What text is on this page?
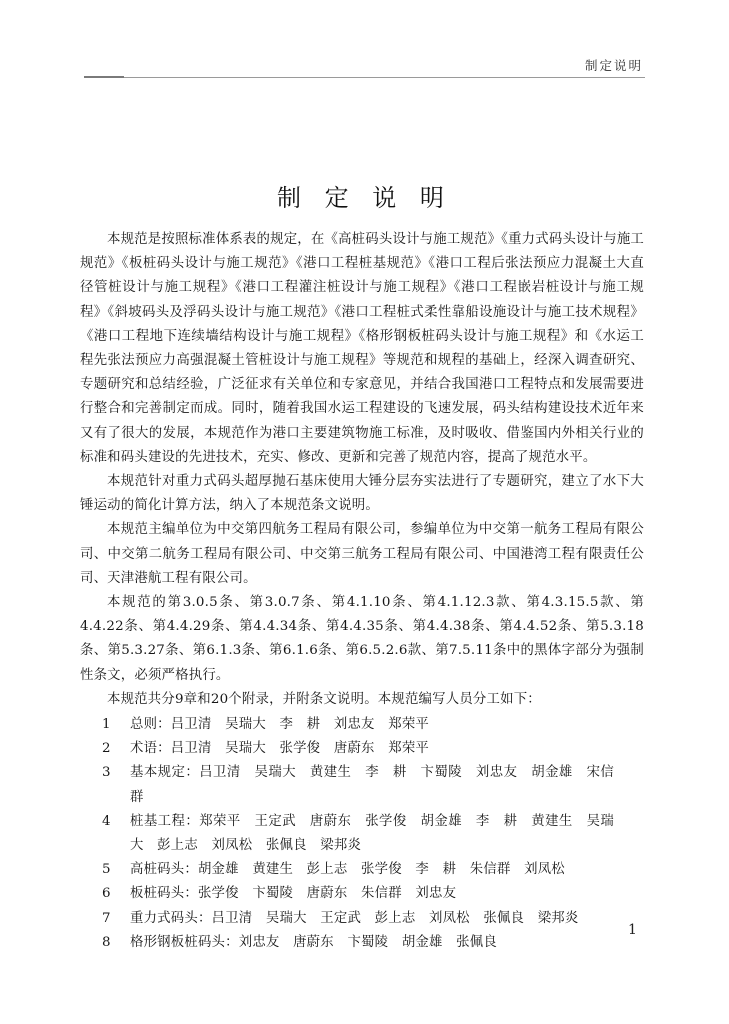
制定说明
制 定 说 明

本规范是按照标准体系表的规定，在《高桩码头设计与施工规范》《重力式码头设计与施工规范》《板桩码头设计与施工规范》《港口工程桩基规范》《港口工程后张法预应力混凝土大直径管桩设计与施工规程》《港口工程灌注桩设计与施工规程》《港口工程嵌岩桩设计与施工规程》《斜坡码头及浮码头设计与施工规范》《港口工程桩式柔性靠船设施设计与施工技术规程》《港口工程地下连续墙结构设计与施工规程》《格形钢板桩码头设计与施工规程》和《水运工程先张法预应力高强混凝土管桩设计与施工规程》等规范和规程的基础上，经深入调查研究、专题研究和总结经验，广泛征求有关单位和专家意见，并结合我国港口工程特点和发展需要进行整合和完善制定而成。同时，随着我国水运工程建设的飞速发展，码头结构建设技术近年来又有了很大的发展，本规范作为港口主要建筑物施工标准，及时吸收、借鉴国内外相关行业的标准和码头建设的先进技术，充实、修改、更新和完善了规范内容，提高了规范水平。

本规范针对重力式码头超厚抛石基床使用大锤分层夯实法进行了专题研究，建立了水下大锤运动的简化计算方法，纳入了本规范条文说明。

本规范主编单位为中交第四航务工程局有限公司，参编单位为中交第一航务工程局有限公司、中交第二航务工程局有限公司、中交第三航务工程局有限公司、中国港湾工程有限责任公司、天津港航工程有限公司。

本规范的第3.0.5条、第3.0.7条、第4.1.10条、第4.1.12.3款、第4.3.15.5款、第4.4.22条、第4.4.29条、第4.4.34条、第4.4.35条、第4.4.38条、第4.4.52条、第5.3.18条、第5.3.27条、第6.1.3条、第6.1.6条、第6.5.2.6款、第7.5.11条中的黑体字部分为强制性条文，必须严格执行。

本规范共分9章和20个附录，并附条文说明。本规范编写人员分工如下：

1	总则：吕卫清　吴瑞大　李　耕　刘忠友　郑荣平
2	术语：吕卫清　吴瑞大　张学俊　唐蔚东　郑荣平
3	基本规定：吕卫清　吴瑞大　黄建生　李　耕　卞蜀陵　刘忠友　胡金雄　宋信群
4	桩基工程：郑荣平　王定武　唐蔚东　张学俊　胡金雄　李　耕　黄建生　吴瑞大　彭上志　刘凤松　张佩良　梁邦炎
5	高桩码头：胡金雄　黄建生　彭上志　张学俊　李　耕　朱信群　刘凤松
6	板桩码头：张学俊　卞蜀陵　唐蔚东　朱信群　刘忠友
7	重力式码头：吕卫清　吴瑞大　王定武　彭上志　刘凤松　张佩良　梁邦炎
8	格形钢板桩码头：刘忠友　唐蔚东　卞蜀陵　胡金雄　张佩良
1
